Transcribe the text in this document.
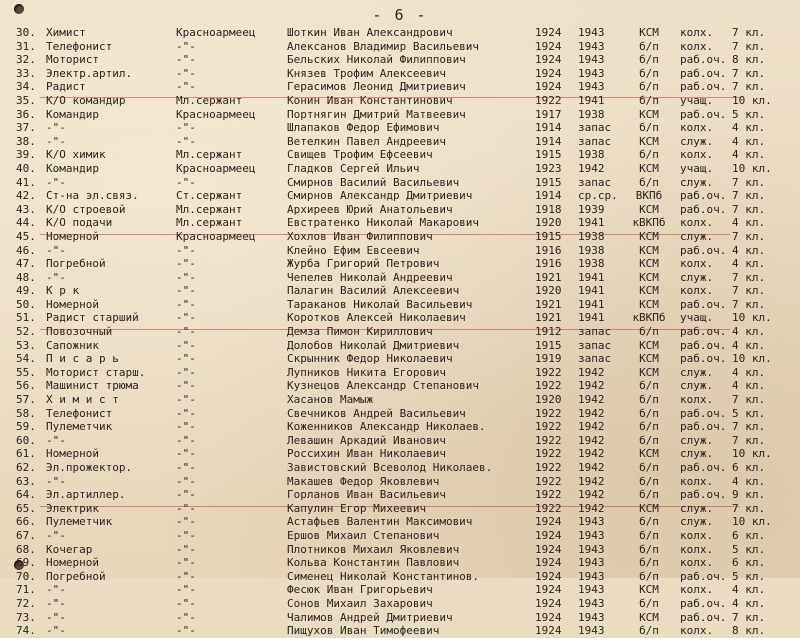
- 6 -
30. Химист	Красноармеец	Шоткин Иван Александрович	1924	1943	КСМ	колх.	7 кл.
31. Телефонист	-"-	Алексанов Владимир Васильевич	1924	1943	б/п	колх.	7 кл.
32. Моторист	-"-	Бельских Николай Филиппович	1924	1943	б/п	раб.оч. 8 кл.
33. Электр.артил.	-"-	Князев Трофим Алексеевич	1924	1943	б/п	раб.оч. 7 кл.
34. Радист	-"-	Герасимов Леонид Дмитриевич	1924	1943	б/п	раб.оч. 7 кл.
35. К/О командир	Мл.сержант	Конин Иван Константинович	1922	1941	б/п	учащ.	10 кл.
36. Командир	Красноармеец	Портнягин Дмитрий Матвеевич	1917	1938	КСМ	раб.оч. 5 кл.
37. -"-	-"-	Шлапаков Федор Ефимович	1914	запас	б/п	колх.	4 кл.
38. -"-	-"-	Ветелкин Павел Андреевич	1914	запас	КСМ	служ.	4 кл.
39. К/О химик	Мл.сержант	Свищев Трофим Ефсеевич	1915	1938	б/п	колх.	4 кл.
40. Командир	Красноармеец	Гладков Сергей Ильич	1923	1942	КСМ	учащ.	10 кл.
41. -"-	-"-	Смирнов Василий Васильевич	1915	запас	б/п	служ.	7 кл.
42. Ст-на эл.связ.	Ст.сержант	Смирнов Александр Дмитриевич	1914	ср.ср.	ВКПб	раб.оч. 7 кл.
43. К/О строевой	Мл.сержант	Архиреев Юрий Анатольевич	1918	1939	КСМ	раб.оч. 7 кл.
44. К/О подачи	Мл.сержант	Евстратенко Николай Макарович	1920	1941	кВКПб	колх.	4 кл.
45. Номерной	Красноармеец	Хохлов Иван Филиппович	1915	1938	КСМ	служ.	7 кл.
46. -"-	-"-	Клейно Ефим Евсеевич	1916	1938	КСМ	раб.оч. 4 кл.
47. Погребной	-"-	Журба Григорий Петрович	1916	1938	КСМ	колх.	4 кл.
48. -"-	-"-	Чепелев Николай Андреевич	1921	1941	КСМ	служ.	7 кл.
49. К р к	-"-	Палагин Василий Алексеевич	1920	1941	КСМ	колх.	7 кл.
50. Номерной	-"-	Тараканов Николай Васильевич	1921	1941	КСМ	раб.оч. 7 кл.
51. Радист старший	-"-	Коротков Алексей Николаевич	1921	1941	кВКПб	учащ.	10 кл.
52. Повозочный	-"-	Демза Пимон Кириллович	1912	запас	б/п	раб.оч. 4 кл.
53. Сапожник	-"-	Долобов Николай Дмитриевич	1915	запас	КСМ	раб.оч. 4 кл.
54. П и с а р ь	-"-	Скрынник Федор Николаевич	1919	запас	КСМ	раб.оч. 10 кл.
55. Моторист старш.	-"-	Лупников Никита Егорович	1922	1942	КСМ	служ.	4 кл.
56. Машинист трюма	-"-	Кузнецов Александр Степанович	1922	1942	б/п	служ.	4 кл.
57. Х и м и с т	-"-	Хасанов Мамыж	1920	1942	б/п	колх.	7 кл.
58. Телефонист	-"-	Свечников Андрей Васильевич	1922	1942	б/п	раб.оч. 5 кл.
59. Пулеметчик	-"-	Коженников Александр Николаев.	1922	1942	б/п	раб.оч. 7 кл.
60. -"-	-"-	Левашин Аркадий Иванович	1922	1942	б/п	служ.	7 кл.
61. Номерной	-"-	Россихин Иван Николаевич	1922	1942	КСМ	служ.	10 кл.
62. Эл.прожектор.	-"-	Завистовский Всеволод Николаев.	1922	1942	б/п	раб.оч. 6 кл.
63. -"-	-"-	Макашев Федор Яковлевич	1922	1942	б/п	колх.	4 кл.
64. Эл.артиллер.	-"-	Горланов Иван Васильевич	1922	1942	б/п	раб.оч. 9 кл.
65. Электрик	-"-	Капулин Егор Михеевич	1922	1942	КСМ	служ.	7 кл.
66. Пулеметчик	-"-	Астафьев Валентин Максимович	1924	1943	б/п	служ.	10 кл.
67. -"-	-"-	Ершов Михаил Степанович	1924	1943	б/п	колх.	6 кл.
68. Кочегар	-"-	Плотников Михаил Яковлевич	1924	1943	б/п	колх.	5 кл.
69. Номерной	-"-	Кольва Константин Павлович	1924	1943	б/п	колх.	6 кл.
70. Погребной	-"-	Сименец Николай Константинов.	1924	1943	б/п	раб.оч. 5 кл.
71. -"-	-"-	Фесюк Иван Григорьевич	1924	1943	КСМ	колх.	4 кл.
72. -"-	-"-	Сонов Михаил Захарович	1924	1943	б/п	раб.оч. 4 кл.
73. -"-	-"-	Чалимов Андрей Дмитриевич	1924	1943	КСМ	раб.оч. 7 кл.
74. -"-	-"-	Пищухов Иван Тимофеевич	1924	1943	б/п	колх.	8 кл.
